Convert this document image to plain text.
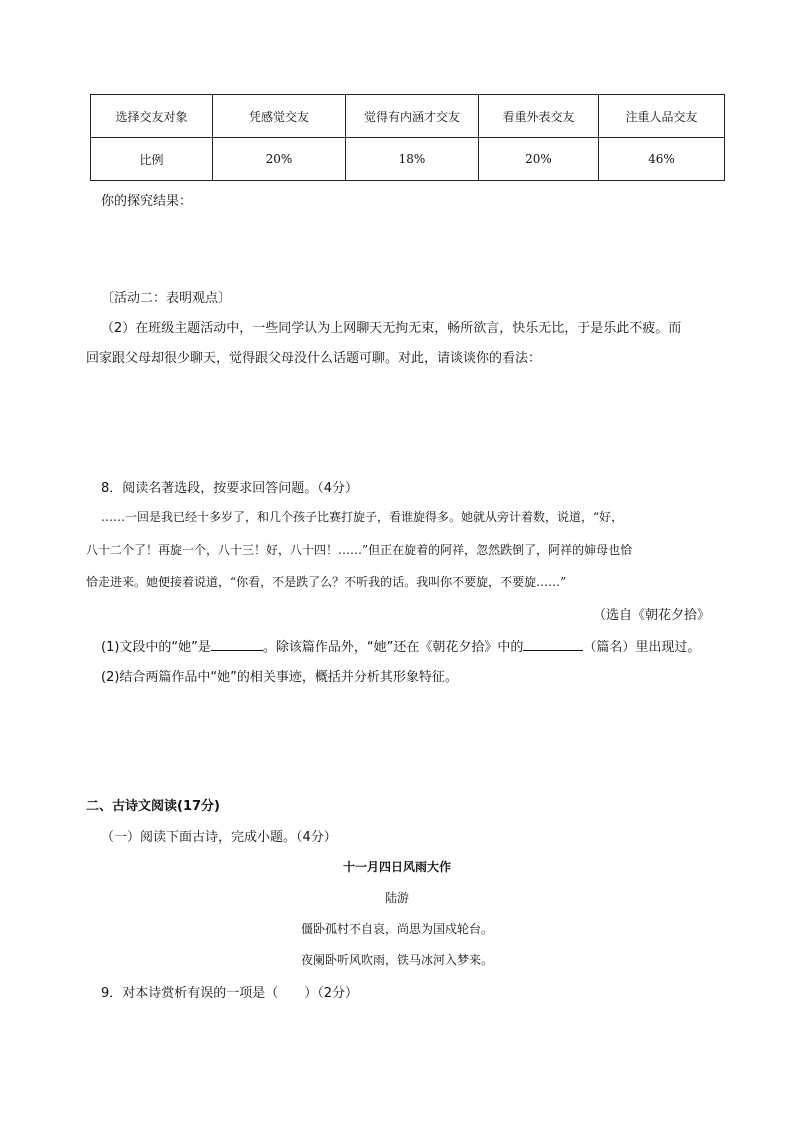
选择交友对象	凭感觉交友	觉得有内涵才交友	看重外表交友	注重人品交友
比例	20%	18%	20%	46%
你的探究结果：
〔活动二：表明观点〕
（2）在班级主题活动中，一些同学认为上网聊天无拘无束，畅所欲言，快乐无比，于是乐此不疲。而
回家跟父母却很少聊天，觉得跟父母没什么话题可聊。对此，请谈谈你的看法：
8．阅读名著选段，按要求回答问题。（4分）
……一回是我已经十多岁了，和几个孩子比赛打旋子，看谁旋得多。她就从旁计着数，说道，“好，
八十二个了！再旋一个，八十三！好，八十四！……”但正在旋着的阿祥，忽然跌倒了，阿祥的婶母也恰
恰走进来。她便接着说道，“你看，不是跌了么？不听我的话。我叫你不要旋，不要旋……”
（选自《朝花夕拾》
(1)文段中的“她”是	。除该篇作品外，“她”还在《朝花夕拾》中的	（篇名）里出现过。
(2)结合两篇作品中“她”的相关事迹，概括并分析其形象特征。
二、古诗文阅读(17分)
（一）阅读下面古诗，完成小题。（4分）
十一月四日风雨大作
陆游
僵卧孤村不自哀，尚思为国戍轮台。
夜阑卧听风吹雨，铁马冰河入梦来。
9．对本诗赏析有误的一项是（　　）（2分）
